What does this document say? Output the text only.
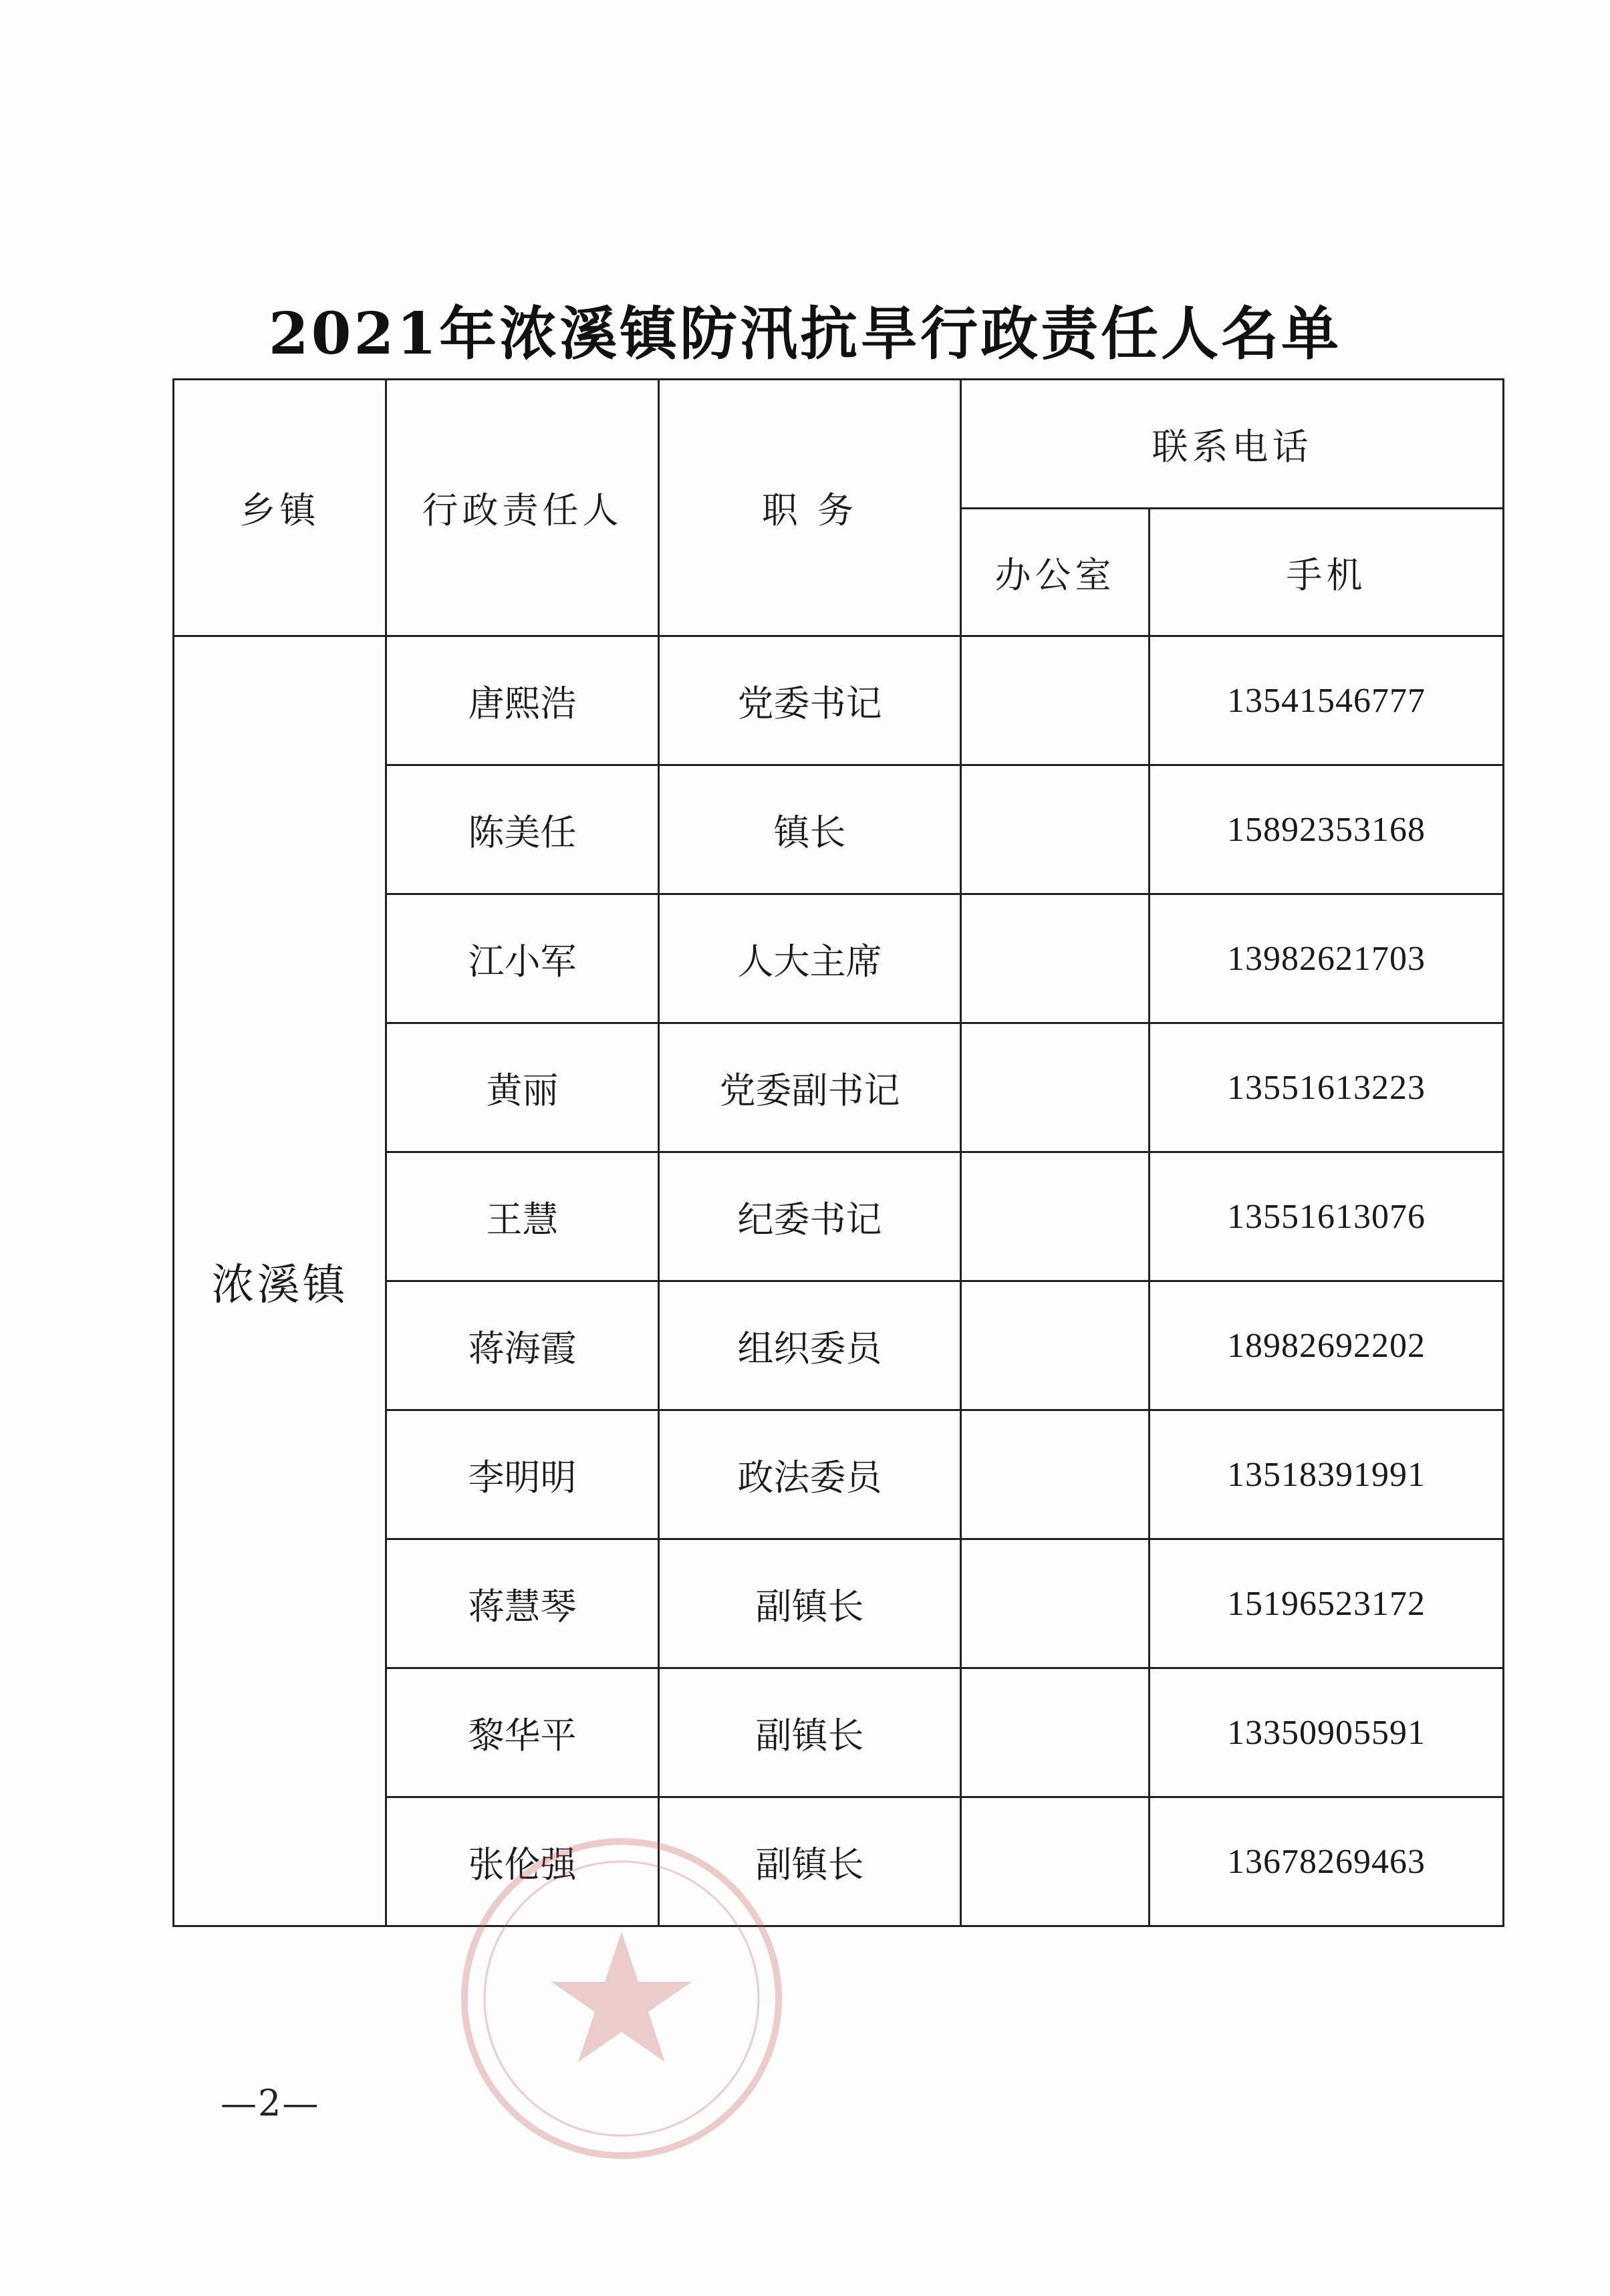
2021年浓溪镇防汛抗旱行政责任人名单
乡镇	行政责任人	职 务	联系电话	
			办公室	手机
浓溪镇	唐熙浩	党委书记		13541546777
	陈美任	镇长		15892353168
	江小军	人大主席		13982621703
	黄丽	党委副书记		13551613223
	王慧	纪委书记		13551613076
	蒋海霞	组织委员		18982692202
	李明明	政法委员		13518391991
	蒋慧琴	副镇长		15196523172
	黎华平	副镇长		13350905591
	张伦强	副镇长		13678269463
—2—
